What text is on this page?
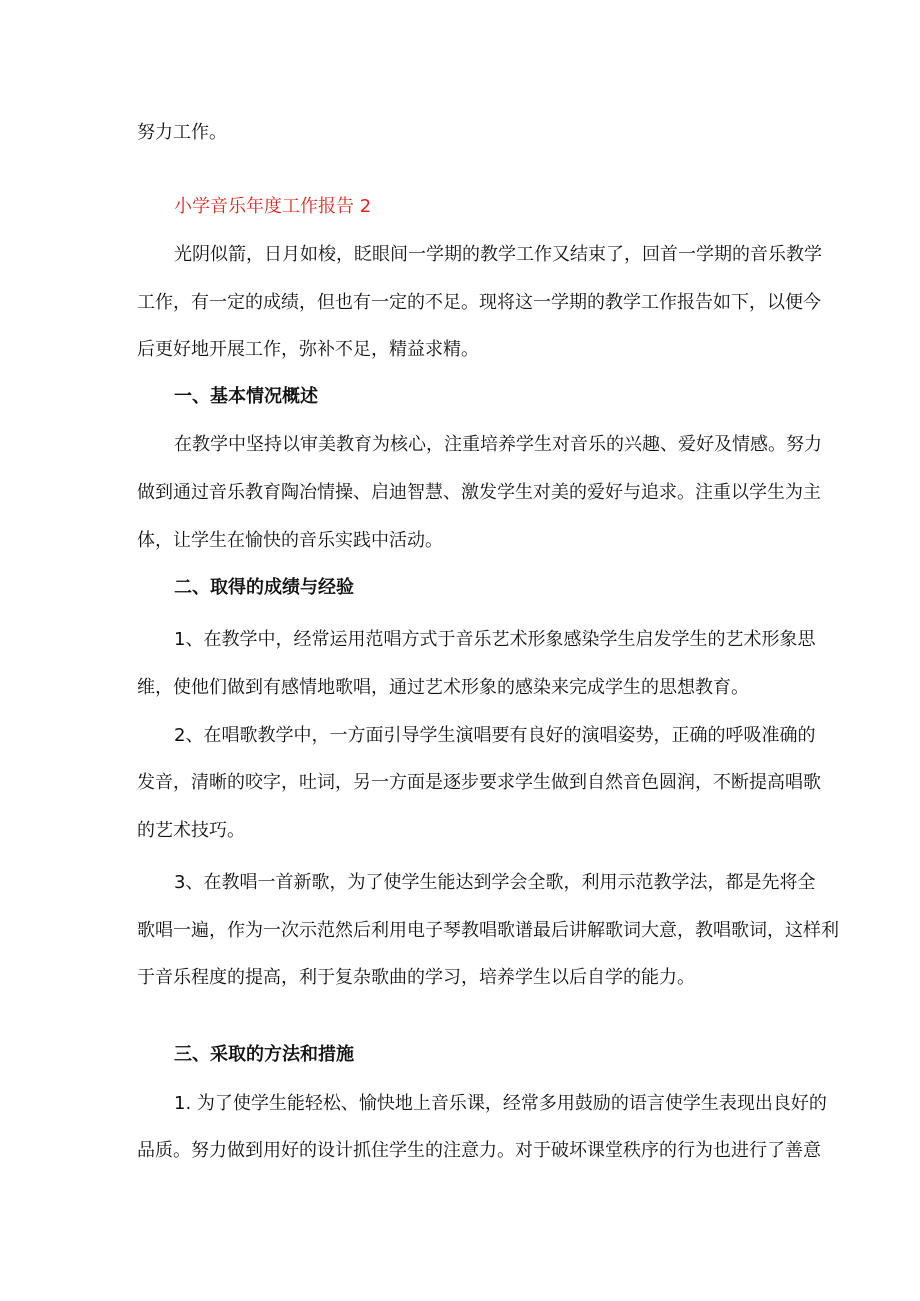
努力工作。

小学音乐年度工作报告 2

光阴似箭，日月如梭，眨眼间一学期的教学工作又结束了，回首一学期的音乐教学

工作，有一定的成绩，但也有一定的不足。现将这一学期的教学工作报告如下，以便今

后更好地开展工作，弥补不足，精益求精。

一、基本情况概述

在教学中坚持以审美教育为核心，注重培养学生对音乐的兴趣、爱好及情感。努力

做到通过音乐教育陶冶情操、启迪智慧、激发学生对美的爱好与追求。注重以学生为主

体，让学生在愉快的音乐实践中活动。

二、取得的成绩与经验

1、在教学中，经常运用范唱方式于音乐艺术形象感染学生启发学生的艺术形象思

维，使他们做到有感情地歌唱，通过艺术形象的感染来完成学生的思想教育。

2、在唱歌教学中，一方面引导学生演唱要有良好的演唱姿势，正确的呼吸准确的

发音，清晰的咬字，吐词，另一方面是逐步要求学生做到自然音色圆润，不断提高唱歌

的艺术技巧。

3、在教唱一首新歌，为了使学生能达到学会全歌，利用示范教学法，都是先将全

歌唱一遍，作为一次示范然后利用电子琴教唱歌谱最后讲解歌词大意，教唱歌词，这样利

于音乐程度的提高，利于复杂歌曲的学习，培养学生以后自学的能力。

三、采取的方法和措施

1. 为了使学生能轻松、愉快地上音乐课，经常多用鼓励的语言使学生表现出良好的

品质。努力做到用好的设计抓住学生的注意力。对于破坏课堂秩序的行为也进行了善意
